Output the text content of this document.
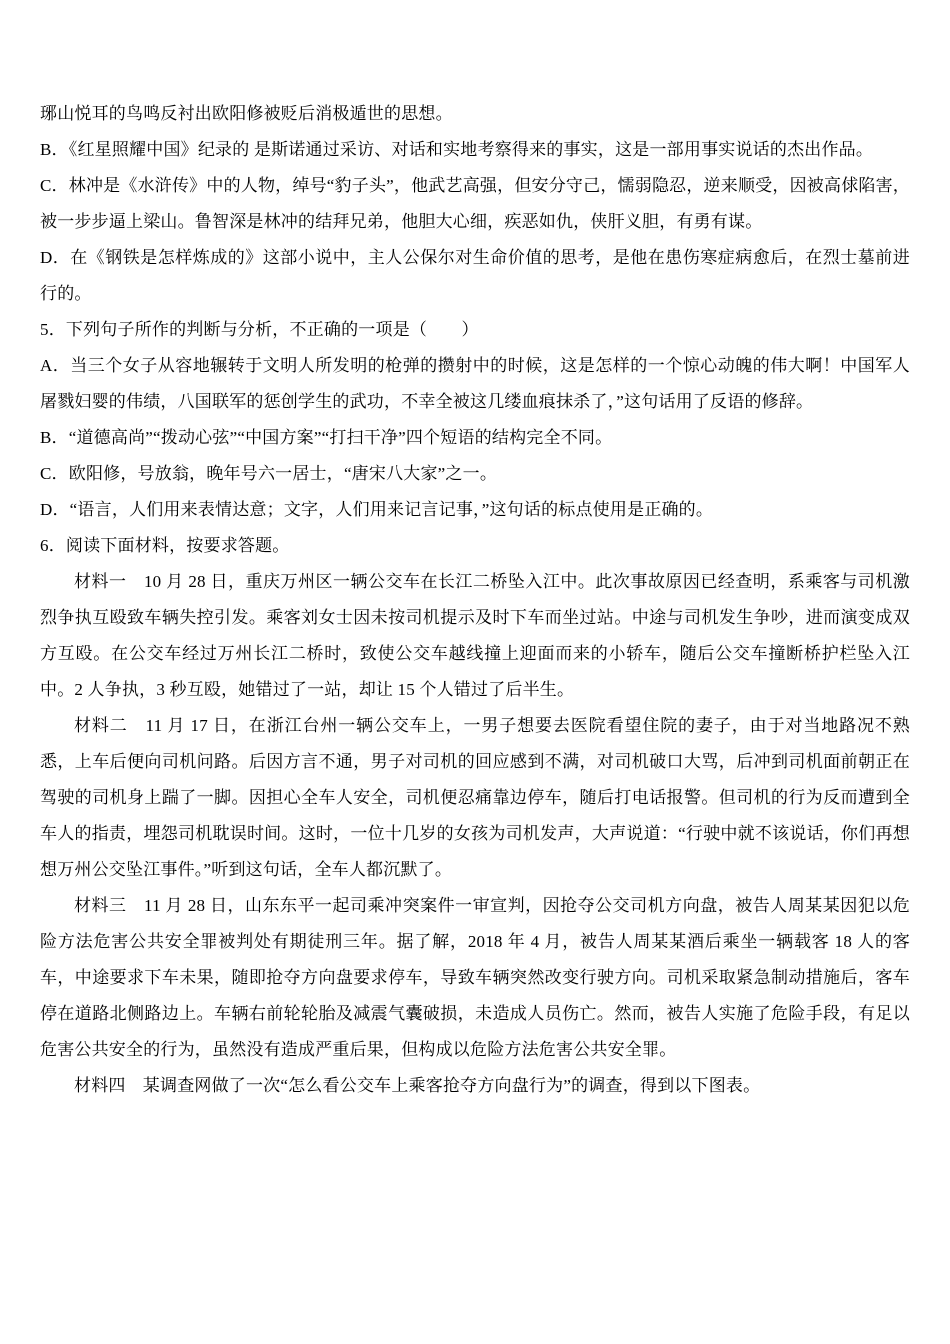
琊山悦耳的鸟鸣反衬出欧阳修被贬后消极遁世的思想。

B．《红星照耀中国》纪录的 是斯诺通过采访、对话和实地考察得来的事实，这是一部用事实说话的杰出作品。

C．林冲是《水浒传》中的人物，绰号“豹子头”，他武艺高强，但安分守己，懦弱隐忍，逆来顺受，因被高俅陷害，被一步步逼上梁山。鲁智深是林冲的结拜兄弟，他胆大心细，疾恶如仇，侠肝义胆，有勇有谋。

D．在《钢铁是怎样炼成的》这部小说中，主人公保尔对生命价值的思考，是他在患伤寒症病愈后，在烈士墓前进行的。

5．下列句子所作的判断与分析，不正确的一项是（　　）

A．当三个女子从容地辗转于文明人所发明的枪弹的攒射中的时候，这是怎样的一个惊心动魄的伟大啊！中国军人屠戮妇婴的伟绩，八国联军的惩创学生的武功，不幸全被这几缕血痕抹杀了，”这句话用了反语的修辞。

B．“道德高尚”“拨动心弦”“中国方案”“打扫干净”四个短语的结构完全不同。

C．欧阳修，号放翁，晚年号六一居士，“唐宋八大家”之一。

D．“语言，人们用来表情达意；文字，人们用来记言记事，”这句话的标点使用是正确的。

6．阅读下面材料，按要求答题。

材料一　10 月 28 日，重庆万州区一辆公交车在长江二桥坠入江中。此次事故原因已经查明，系乘客与司机激烈争执互殴致车辆失控引发。乘客刘女士因未按司机提示及时下车而坐过站。中途与司机发生争吵，进而演变成双方互殴。在公交车经过万州长江二桥时，致使公交车越线撞上迎面而来的小轿车，随后公交车撞断桥护栏坠入江中。2 人争执，3 秒互殴，她错过了一站，却让 15 个人错过了后半生。

材料二　11 月 17 日，在浙江台州一辆公交车上，一男子想要去医院看望住院的妻子，由于对当地路况不熟悉，上车后便向司机问路。后因方言不通，男子对司机的回应感到不满，对司机破口大骂，后冲到司机面前朝正在驾驶的司机身上踹了一脚。因担心全车人安全，司机便忍痛靠边停车，随后打电话报警。但司机的行为反而遭到全车人的指责，埋怨司机耽误时间。这时，一位十几岁的女孩为司机发声，大声说道：“行驶中就不该说话，你们再想想万州公交坠江事件。”听到这句话，全车人都沉默了。

材料三　11 月 28 日，山东东平一起司乘冲突案件一审宣判，因抢夺公交司机方向盘，被告人周某某因犯以危险方法危害公共安全罪被判处有期徒刑三年。据了解，2018 年 4 月，被告人周某某酒后乘坐一辆载客 18 人的客车，中途要求下车未果，随即抢夺方向盘要求停车，导致车辆突然改变行驶方向。司机采取紧急制动措施后，客车停在道路北侧路边上。车辆右前轮轮胎及减震气囊破损，未造成人员伤亡。然而，被告人实施了危险手段，有足以危害公共安全的行为，虽然没有造成严重后果，但构成以危险方法危害公共安全罪。

材料四　某调查网做了一次“怎么看公交车上乘客抢夺方向盘行为”的调查，得到以下图表。
